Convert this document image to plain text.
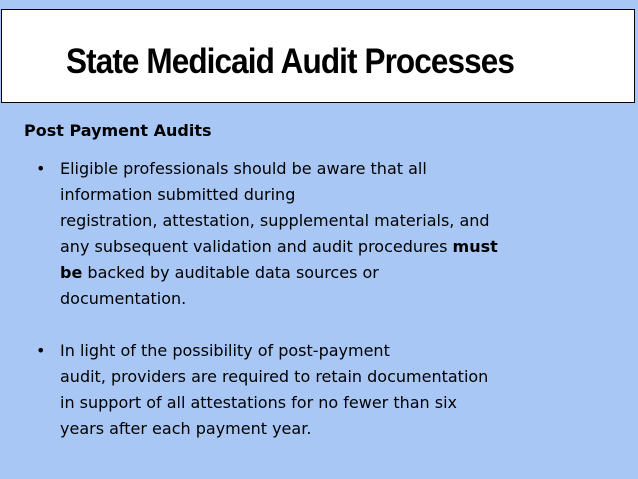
State Medicaid Audit Processes
Post Payment Audits
• Eligible professionals should be aware that all
information submitted during
registration, attestation, supplemental materials, and
any subsequent validation and audit procedures must
be backed by auditable data sources or
documentation.
• In light of the possibility of post-payment
audit, providers are required to retain documentation
in support of all attestations for no fewer than six
years after each payment year.
